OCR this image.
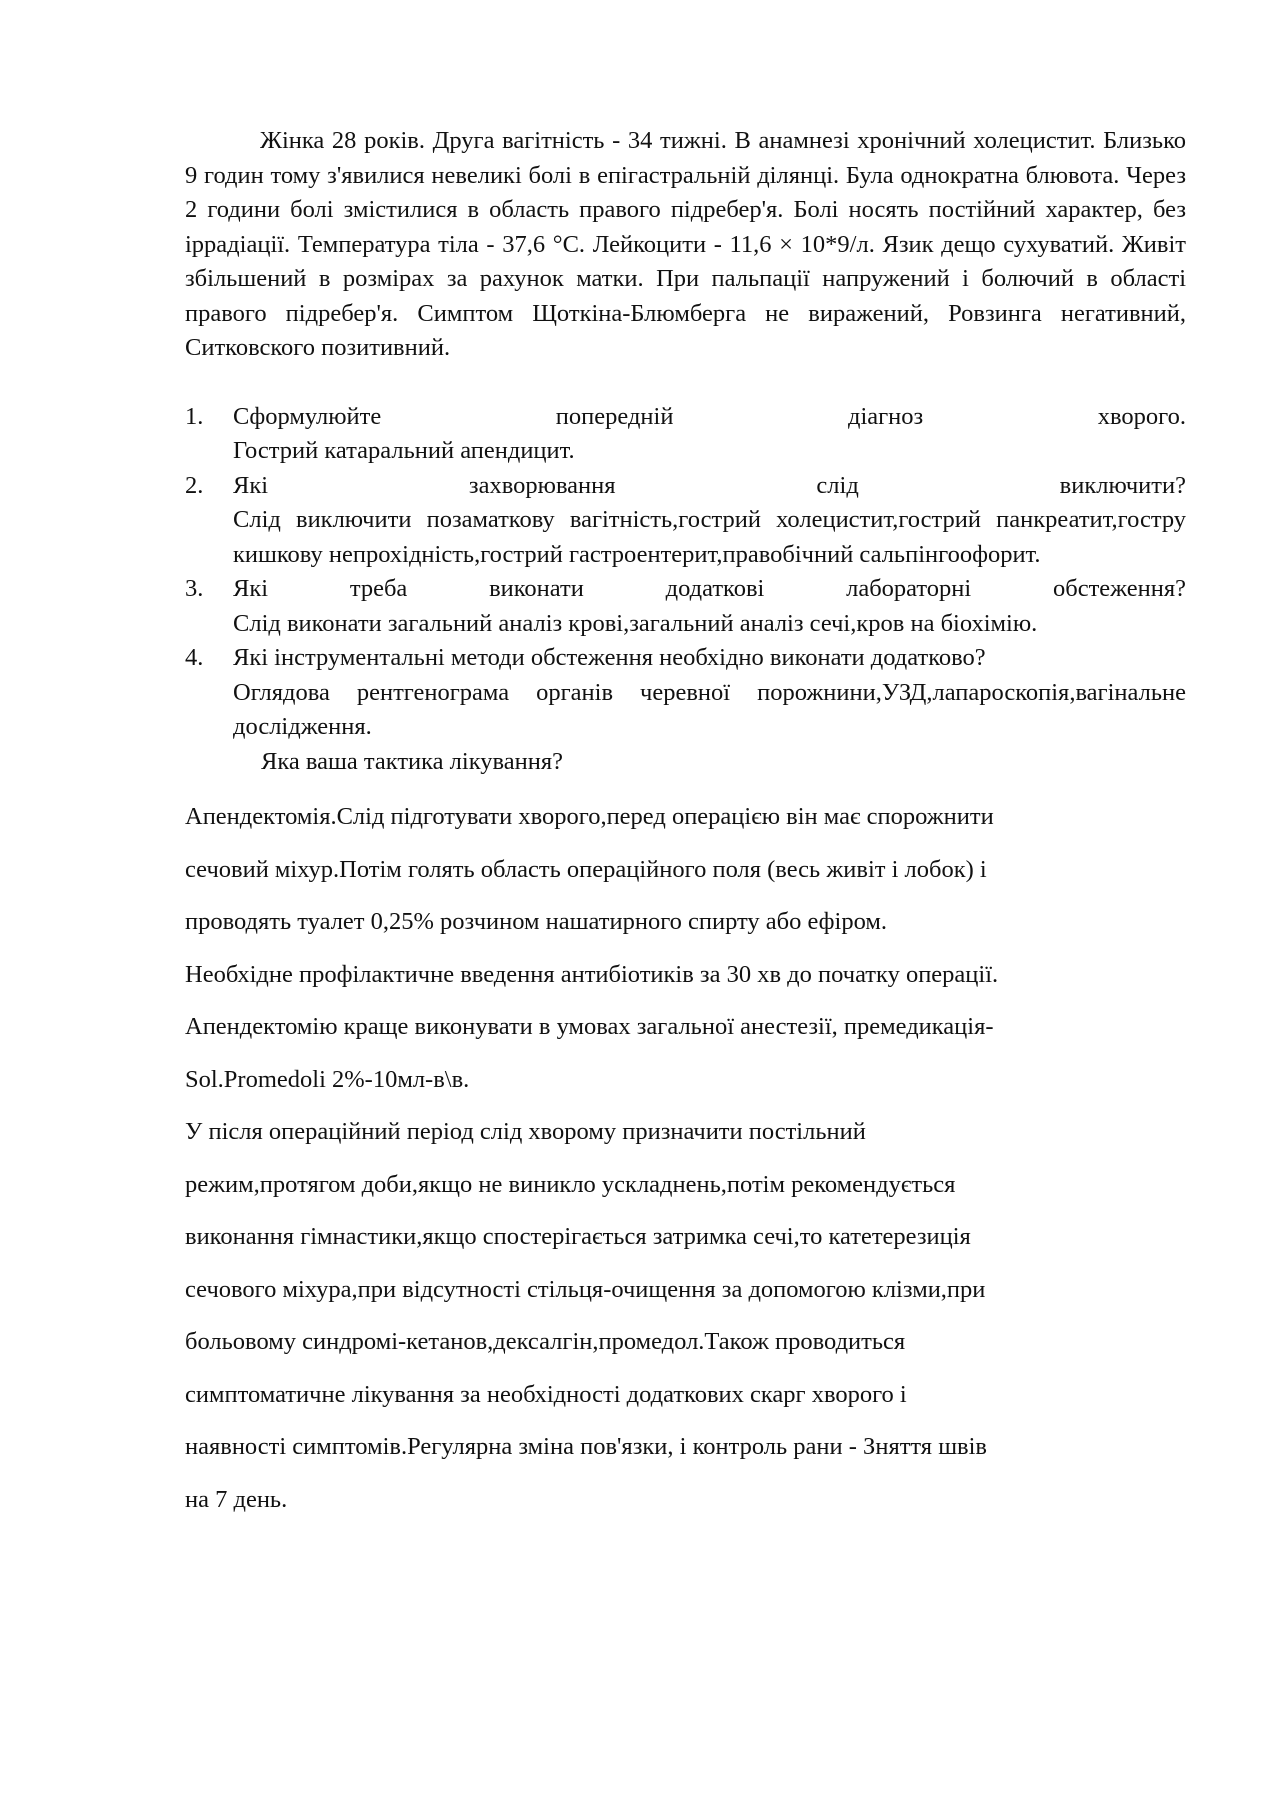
Жінка 28 років. Друга вагітність - 34 тижні. В анамнезі хронічний холецистит. Близько 9 годин тому з'явилися невеликі болі в епігастральній ділянці. Була однократна блювота. Через 2 години болі змістилися в область правого підребер'я. Болі носять постійний характер, без іррадіації. Температура тіла - 37,6 °С. Лейкоцити - 11,6 × 10*9/л. Язик дещо сухуватий. Живіт збільшений в розмірах за рахунок матки. При пальпації напружений і болючий в області правого підребер'я. Симптом Щоткіна-Блюмберга не виражений, Ровзинга негативний, Ситковского позитивний.

1. Сформулюйте попередній діагноз хворого.
Гострий катаральний апендицит.
2. Які захворювання слід виключити?
Слід виключити позаматкову вагітність,гострий холецистит,гострий панкреатит,гостру кишкову непрохідність,гострий гастроентерит,правобічний сальпінгоофорит.
3. Які треба виконати додаткові лабораторні обстеження?
Слід виконати загальний аналіз крові,загальний аналіз сечі,кров на біохімію.
4. Які інструментальні методи обстеження необхідно виконати додатково?
Оглядова рентгенограма органів черевної порожнини,УЗД,лапароскопія,вагінальне дослідження.

Яка ваша тактика лікування?

Апендектомія.Слід підготувати хворого,перед операцією він має спорожнити
сечовий міхур.Потім голять область операційного поля (весь живіт і лобок) і
проводять туалет 0,25% розчином нашатирного спирту або ефіром.
Необхідне профілактичне введення антибіотиків за 30 хв до початку операції.
Апендектомію краще виконувати в умовах загальної анестезії, премедикація-
Sol.Promedoli 2%-10мл-в\в.
У після операційний період слід хворому призначити постільний
режим,протягом доби,якщо не виникло ускладнень,потім рекомендується
виконання гімнастики,якщо спостерігається затримка сечі,то катетерезиція
сечового міхура,при відсутності стільця-очищення за допомогою клізми,при
больовому синдромі-кетанов,дексалгін,промедол.Також проводиться
симптоматичне лікування за необхідності додаткових скарг хворого і
наявності симптомів.Регулярна зміна пов'язки, і контроль рани - Зняття швів
на 7 день.
